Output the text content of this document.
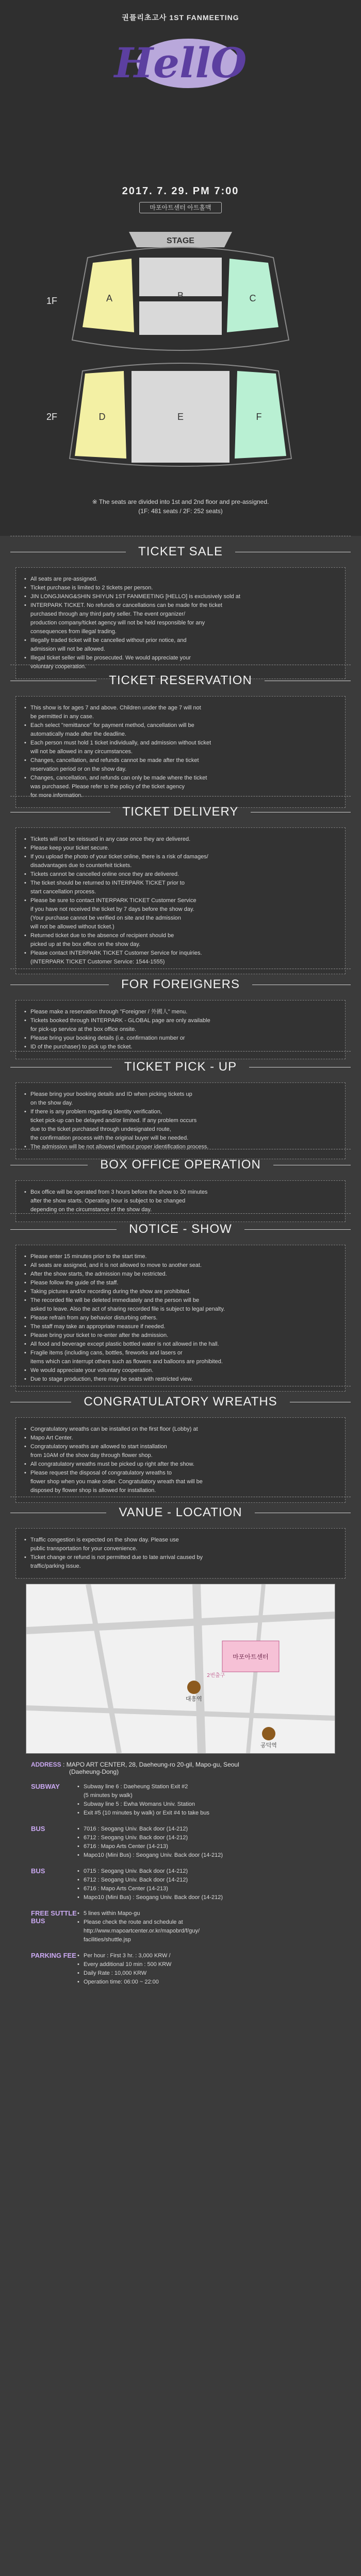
권플리초고사 1ST FANMEETING
HellO
2017. 7. 29. PM 7:00
마포아트센터 아트홀맥
STAGE
A	B	C
D	E	F
1F
2F
※ The seats are divided into 1st and 2nd floor and pre-assigned.
(1F: 481 seats / 2F: 252 seats)
TICKET SALE
• All seats are pre-assigned.
• Ticket purchase is limited to 2 tickets per person.
• JIN LONGJIANG&SHIN SHIYUN 1ST FANMEETING [HELLO] is exclusively sold at
• INTERPARK TICKET. No refunds or cancellations can be made for the ticket
purchased through any third party seller. The event organizer/
production company/ticket agency will not be held responsible for any
consequences from illegal trading.
• Illegally traded ticket will be cancelled without prior notice, and
admission will not be allowed.
• Illegal ticket seller will be prosecuted. We would appreciate your
voluntary cooperation.
TICKET RESERVATION
• This show is for ages 7 and above. Children under the age 7 will not
be permitted in any case.
• Each select "remittance" for payment method, cancellation will be
automatically made after the deadline.
• Each person must hold 1 ticket individually, and admission without ticket
will not be allowed in any circumstances.
• Changes, cancellation, and refunds cannot be made after the ticket
reservation period or on the show day.
• Changes, cancellation, and refunds can only be made where the ticket
was purchased. Please refer to the policy of the ticket agency
for more information.
TICKET DELIVERY
• Tickets will not be reissued in any case once they are delivered.
• Please keep your ticket secure.
• If you upload the photo of your ticket online, there is a risk of damages/
disadvantages due to counterfeit tickets.
• Tickets cannot be cancelled online once they are delivered.
• The ticket should be returned to INTERPARK TICKET prior to
start cancellation process.
• Please be sure to contact INTERPARK TICKET Customer Service
if you have not received the ticket by 7 days before the show day.
(Your purchase cannot be verified on site and the admission
will not be allowed without ticket.)
• Returned ticket due to the absence of recipient should be
picked up at the box office on the show day.
• Please contact INTERPARK TICKET Customer Service for inquiries.
(INTERPARK TICKET Customer Service: 1544-1555)
FOR FOREIGNERS
• Please make a reservation through "Foreigner / 外國人" menu.
• Tickets booked through INTERPARK - GLOBAL page are only available
for pick-up service at the box office onsite.
• Please bring your booking details (i.e. confirmation number or
• ID of the purchaser) to pick up the ticket.
TICKET PICK - UP
• Please bring your booking details and ID when picking tickets up
on the show day.
• If there is any problem regarding identity verification,
ticket pick-up can be delayed and/or limited. If any problem occurs
due to the ticket purchased through undesignated route,
the confirmation process with the original buyer will be needed.
• The admission will be not allowed without proper identification process.
BOX OFFICE OPERATION
• Box office will be operated from 3 hours before the show to 30 minutes
after the show starts. Operating hour is subject to be changed
depending on the circumstance of the show day.
NOTICE - SHOW
• Please enter 15 minutes prior to the start time.
• All seats are assigned, and it is not allowed to move to another seat.
• After the show starts, the admission may be restricted.
• Please follow the guide of the staff.
• Taking pictures and/or recording during the show are prohibited.
• The recorded file will be deleted immediately and the person will be
asked to leave. Also the act of sharing recorded file is subject to legal penalty.
• Please refrain from any behavior disturbing others.
• The staff may take an appropriate measure if needed.
• Please bring your ticket to re-enter after the admission.
• All food and beverage except plastic bottled water is not allowed in the hall.
• Fragile items (including cans, bottles, fireworks and lasers or
items which can interrupt others such as flowers and balloons are prohibited.
• We would appreciate your voluntary cooperation.
• Due to stage production, there may be seats with restricted view.
CONGRATULATORY WREATHS
• Congratulatory wreaths can be installed on the first floor (Lobby) at
• Mapo Art Center.
• Congratulatory wreaths are allowed to start installation
from 10AM of the show day through flower shop.
• All congratulatory wreaths must be picked up right after the show.
• Please request the disposal of congratulatory wreaths to
flower shop when you make order. Congratulatory wreath that will be
disposed by flower shop is allowed for installation.
VANUE - LOCATION
• Traffic congestion is expected on the show day. Please use
public transportation for your convenience.
• Ticket change or refund is not permitted due to late arrival caused by
traffic/parking issue.
마포아트센터
대흥역
공덕역
2번출구
ADDRESS : MAPO ART CENTER, 28, Daeheung-ro 20-gil, Mapo-gu, Seoul
(Daeheung-Dong)
SUBWAY	• Subway line 6 : Daeheung Station Exit #2
(5 minutes by walk)
• Subway line 5 : Ewha Womans Univ. Station
• Exit #5 (10 minutes by walk) or Exit #4 to take bus
BUS	• 7016 : Seogang Univ. Back door (14-212)
• 6712 : Seogang Univ. Back door (14-212)
• 6716 : Mapo Arts Center (14-213)
• Mapo10 (Mini Bus) : Seogang Univ. Back door (14-212)
BUS	• 0715 : Seogang Univ. Back door (14-212)
• 6712 : Seogang Univ. Back door (14-212)
• 6716 : Mapo Arts Center (14-213)
• Mapo10 (Mini Bus) : Seogang Univ. Back door (14-212)
FREE SUTTLE BUS
• 5 lines within Mapo-gu
• Please check the route and schedule at
http://www.mapoartcenter.or.kr/mapobrd/f/guy/
facilities/shuttle.jsp
PARKING FEE	• Per hour : First 3 hr. : 3,000 KRW /
• Every additional 10 min : 500 KRW
• Daily Rate : 10,000 KRW
• Operation time: 06:00 ~ 22:00
